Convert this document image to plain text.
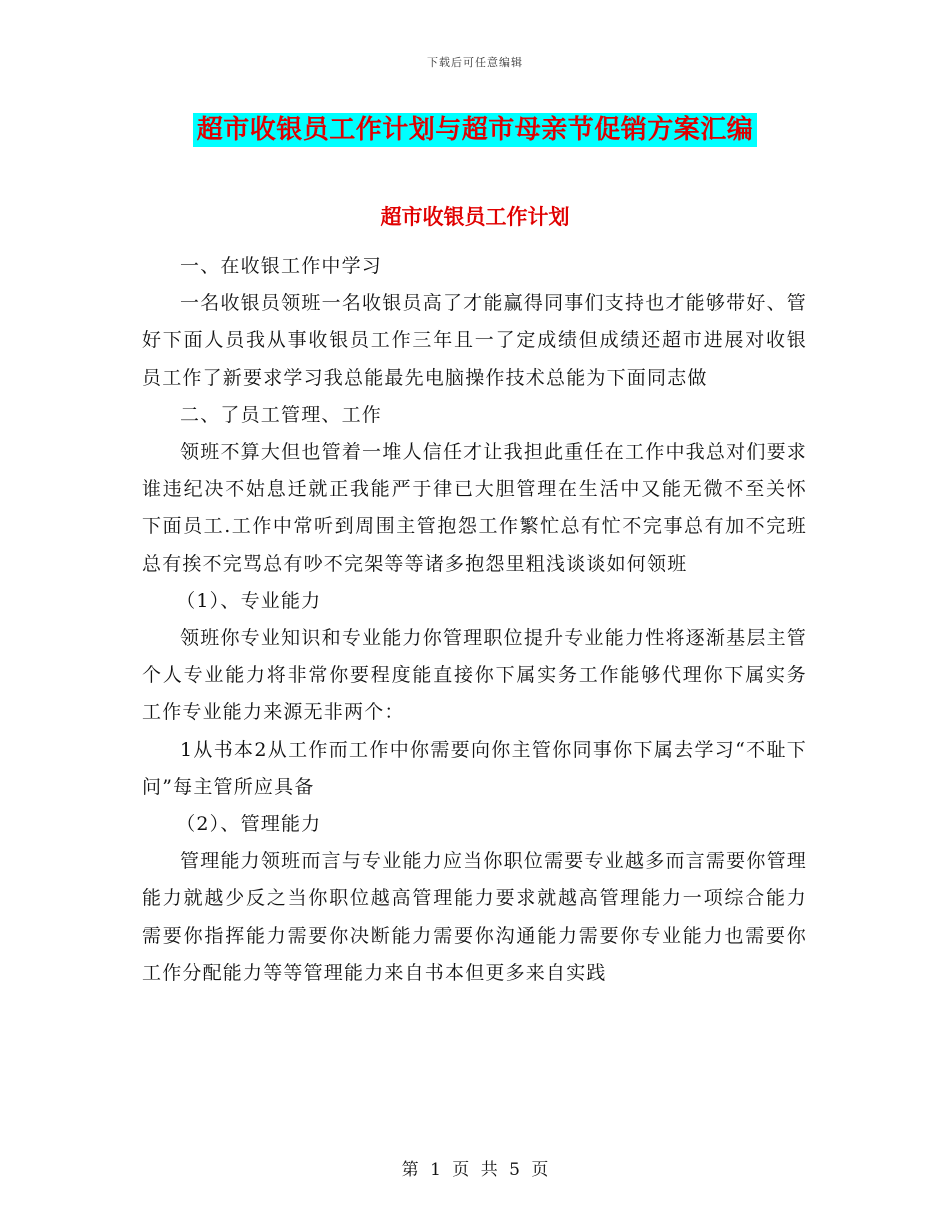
下载后可任意编辑
超市收银员工作计划与超市母亲节促销方案汇编
超市收银员工作计划

一、在收银工作中学习

一名收银员领班一名收银员高了才能赢得同事们支持也才能够带好、管好下面人员我从事收银员工作三年且一了定成绩但成绩还超市进展对收银员工作了新要求学习我总能最先电脑操作技术总能为下面同志做

二、了员工管理、工作

领班不算大但也管着一堆人信任才让我担此重任在工作中我总对们要求谁违纪决不姑息迁就正我能严于律已大胆管理在生活中又能无微不至关怀下面员工.工作中常听到周围主管抱怨工作繁忙总有忙不完事总有加不完班总有挨不完骂总有吵不完架等等诸多抱怨里粗浅谈谈如何领班

（1）、专业能力

领班你专业知识和专业能力你管理职位提升专业能力性将逐渐基层主管个人专业能力将非常你要程度能直接你下属实务工作能够代理你下属实务工作专业能力来源无非两个：

1从书本2从工作而工作中你需要向你主管你同事你下属去学习“不耻下问”每主管所应具备

（2）、管理能力

管理能力领班而言与专业能力应当你职位需要专业越多而言需要你管理能力就越少反之当你职位越高管理能力要求就越高管理能力一项综合能力需要你指挥能力需要你决断能力需要你沟通能力需要你专业能力也需要你工作分配能力等等管理能力来自书本但更多来自实践

第 1 页 共 5 页
